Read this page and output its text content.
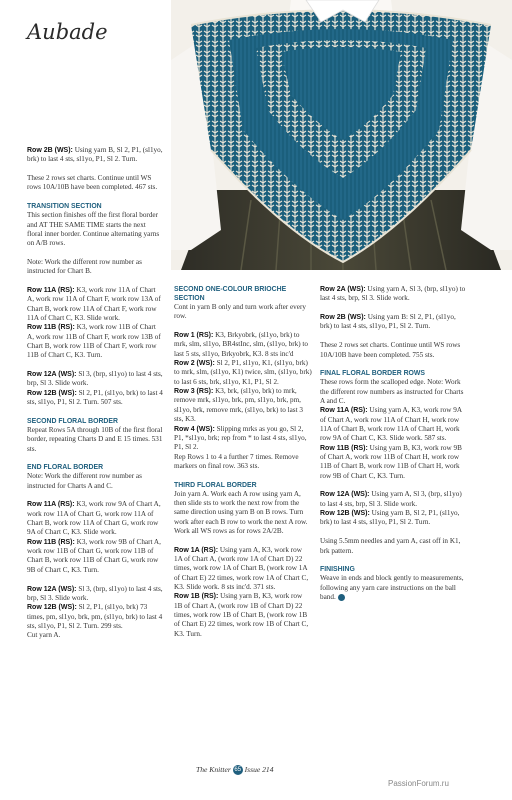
Aubade

Row 2B (WS): Using yarn B, Sl 2, P1, (sl1yo, brk) to last 4 sts, sl1yo, P1, Sl 2. Turn.

These 2 rows set charts. Continue until WS rows 10A/10B have been completed. 467 sts.

TRANSITION SECTION

This section finishes off the first floral border and AT THE SAME TIME starts the next floral inner border. Continue alternating yarns on A/B rows.

Note: Work the different row number as instructed for Chart B.

Row 11A (RS): K3, work row 11A of Chart A, work row 11A of Chart F, work row 13A of Chart B, work row 11A of Chart F, work row 11A of Chart C, K3. Slide work.

Row 11B (RS): K3, work row 11B of Chart A, work row 11B of Chart F, work row 13B of Chart B, work row 11B of Chart F, work row 11B of Chart C, K3. Turn.

Row 12A (WS): Sl 3, (brp, sl1yo) to last 4 sts, brp, Sl 3. Slide work.

Row 12B (WS): Sl 2, P1, (sl1yo, brk) to last 4 sts, sl1yo, P1, Sl 2. Turn. 507 sts.

SECOND FLORAL BORDER

Repeat Rows 5A through 10B of the first floral border, repeating Charts D and E 15 times. 531 sts.

END FLORAL BORDER

Note: Work the different row number as instructed for Charts A and C.

Row 11A (RS): K3, work row 9A of Chart A, work row 11A of Chart G, work row 11A of Chart B, work row 11A of Chart G, work row 9A of Chart C, K3. Slide work.

Row 11B (RS): K3, work row 9B of Chart A, work row 11B of Chart G, work row 11B of Chart B, work row 11B of Chart G, work row 9B of Chart C, K3. Turn.

Row 12A (WS): Sl 3, (brp, sl1yo) to last 4 sts, brp, Sl 3. Slide work.

Row 12B (WS): Sl 2, P1, (sl1yo, brk) 73 times, pm, sl1yo, brk, pm, (sl1yo, brk) to last 4 sts, sl1yo, P1, Sl 2. Turn. 299 sts.

Cut yarn A.

SECOND ONE-COLOUR BRIOCHE SECTION

Cont in yarn B only and turn work after every row.

Row 1 (RS): K3, Brkyobrk, (sl1yo, brk) to mrk, slm, sl1yo, BR4stInc, slm, (sl1yo, brk) to last 5 sts, sl1yo, Brkyobrk, K3. 8 sts inc'd

Row 2 (WS): Sl 2, P1, sl1yo, K1, (sl1yo, brk) to mrk, slm, (sl1yo, K1) twice, slm, (sl1yo, brk) to last 6 sts, brk, sl1yo, K1, P1, Sl 2.

Row 3 (RS): K3, brk, (sl1yo, brk) to mrk, remove mrk, sl1yo, brk, pm, sl1yo, brk, pm, sl1yo, brk, remove mrk, (sl1yo, brk) to last 3 sts, K3.

Row 4 (WS): Slipping mrks as you go, Sl 2, P1, *sl1yo, brk; rep from * to last 4 sts, sl1yo, P1, Sl 2.

Rep Rows 1 to 4 a further 7 times. Remove markers on final row. 363 sts.

THIRD FLORAL BORDER

Join yarn A. Work each A row using yarn A, then slide sts to work the next row from the same direction using yarn B on B rows. Turn work after each B row to work the next A row. Work all WS rows as for rows 2A/2B.

Row 1A (RS): Using yarn A, K3, work row 1A of Chart A, (work row 1A of Chart D) 22 times, work row 1A of Chart B, (work row 1A of Chart E) 22 times, work row 1A of Chart C, K3. Slide work. 8 sts inc'd. 371 sts.

Row 1B (RS): Using yarn B, K3, work row 1B of Chart A, (work row 1B of Chart D) 22 times, work row 1B of Chart B, (work row 1B of Chart E) 22 times, work row 1B of Chart C, K3. Turn.

Row 2A (WS): Using yarn A, Sl 3, (brp, sl1yo) to last 4 sts, brp, Sl 3. Slide work.

Row 2B (WS): Using yarn B: Sl 2, P1, (sl1yo, brk) to last 4 sts, sl1yo, P1, Sl 2. Turn.

These 2 rows set charts. Continue until WS rows 10A/10B have been completed. 755 sts.

FINAL FLORAL BORDER ROWS

These rows form the scalloped edge. Note: Work the different row numbers as instructed for Charts A and C.

Row 11A (RS): Using yarn A, K3, work row 9A of Chart A, work row 11A of Chart H, work row 11A of Chart B, work row 11A of Chart H, work row 9A of Chart C, K3. Slide work. 587 sts.

Row 11B (RS): Using yarn B, K3, work row 9B of Chart A, work row 11B of Chart H, work row 11B of Chart B, work row 11B of Chart H, work row 9B of Chart C, K3. Turn.

Row 12A (WS): Using yarn A, Sl 3, (brp, sl1yo) to last 4 sts, brp, Sl 3. Slide work.

Row 12B (WS): Using yarn B, Sl 2, P1, (sl1yo, brk) to last 4 sts, sl1yo, P1, Sl 2. Turn.

Using 5.5mm needles and yarn A, cast off in K1, brk pattern.

FINISHING

Weave in ends and block gently to measurements, following any yarn care instructions on the ball band.

The Knitter 65 Issue 214
PassionForum.ru
